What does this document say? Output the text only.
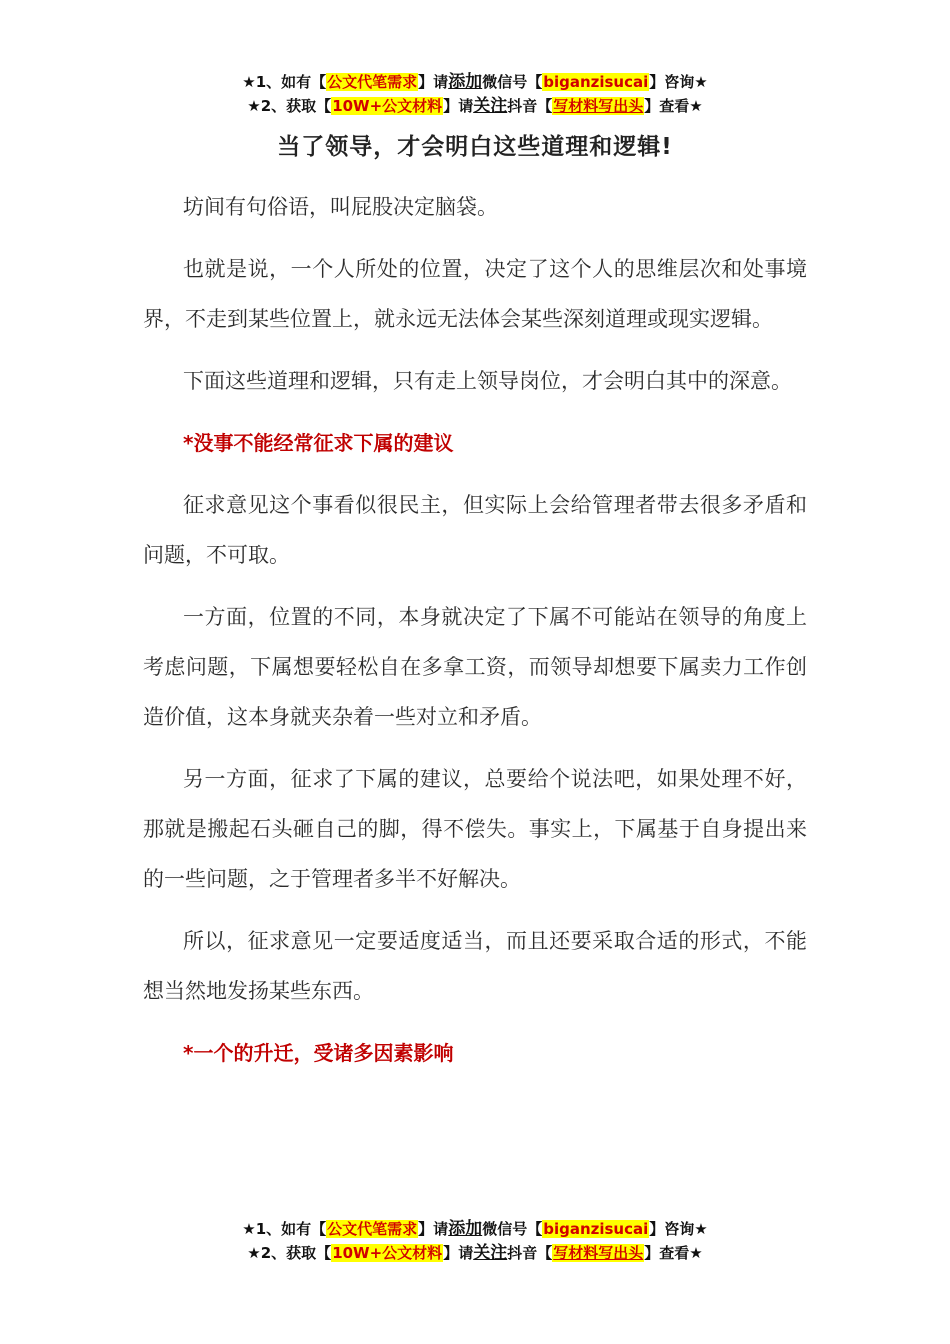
★1、如有【公文代笔需求】请添加微信号【biganzisucai】咨询★
★2、获取【10W+公文材料】请关注抖音【写材料写出头】查看★
当了领导，才会明白这些道理和逻辑!

坊间有句俗语，叫屁股决定脑袋。

也就是说，一个人所处的位置，决定了这个人的思维层次和处事境界，不走到某些位置上，就永远无法体会某些深刻道理或现实逻辑。

下面这些道理和逻辑，只有走上领导岗位，才会明白其中的深意。

*没事不能经常征求下属的建议

征求意见这个事看似很民主，但实际上会给管理者带去很多矛盾和问题，不可取。

一方面，位置的不同，本身就决定了下属不可能站在领导的角度上考虑问题，下属想要轻松自在多拿工资，而领导却想要下属卖力工作创造价值，这本身就夹杂着一些对立和矛盾。

另一方面，征求了下属的建议，总要给个说法吧，如果处理不好，那就是搬起石头砸自己的脚，得不偿失。事实上，下属基于自身提出来的一些问题，之于管理者多半不好解决。

所以，征求意见一定要适度适当，而且还要采取合适的形式，不能想当然地发扬某些东西。

*一个的升迁，受诸多因素影响

★1、如有【公文代笔需求】请添加微信号【biganzisucai】咨询★
★2、获取【10W+公文材料】请关注抖音【写材料写出头】查看★
